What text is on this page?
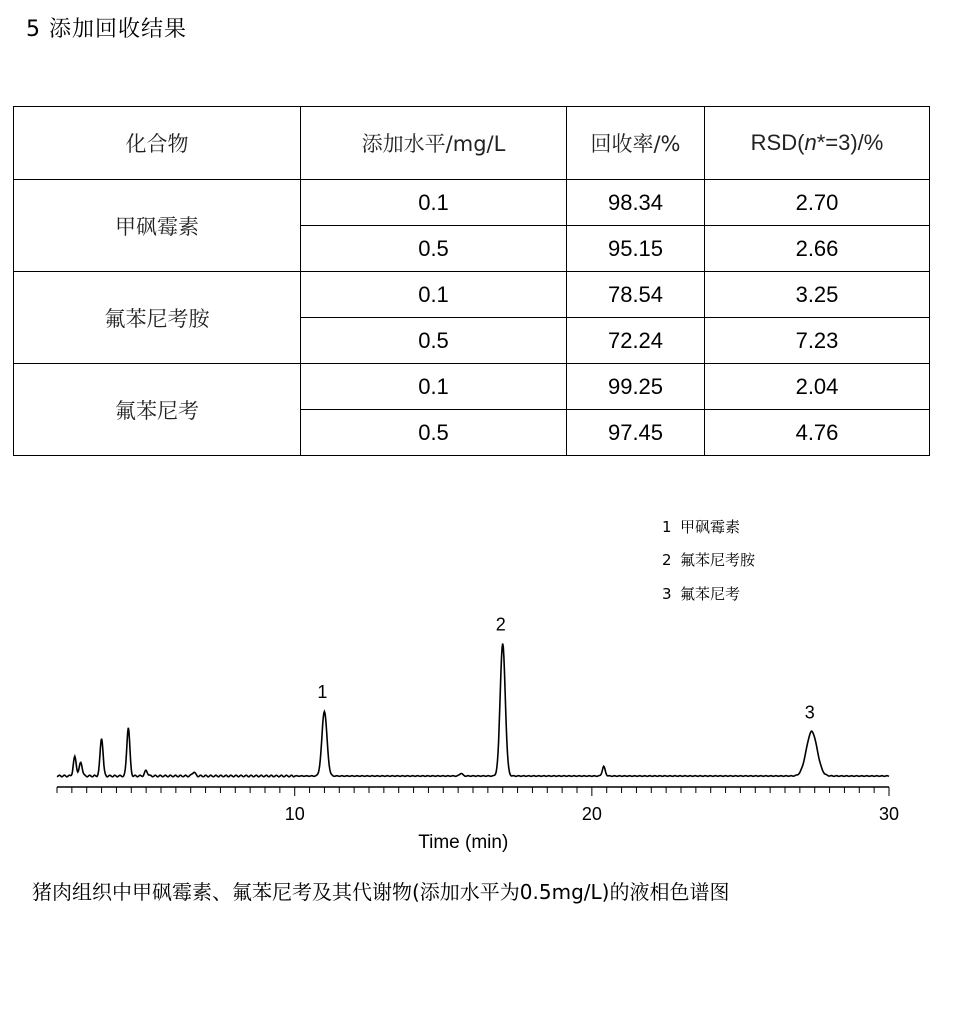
5 添加回收结果
化合物	添加水平/mg/L	回收率/%	RSD(n*=3)/%
甲砜霉素	0.1	98.34	2.70
	0.5	95.15	2.66
氟苯尼考胺	0.1	78.54	3.25
	0.5	72.24	7.23
氟苯尼考	0.1	99.25	2.04
	0.5	97.45	4.76
1 甲砜霉素
2 氟苯尼考胺
3 氟苯尼考
10	20	30
1
2
3
Time (min)
猪肉组织中甲砜霉素、氟苯尼考及其代谢物(添加水平为0.5mg/L)的液相色谱图
